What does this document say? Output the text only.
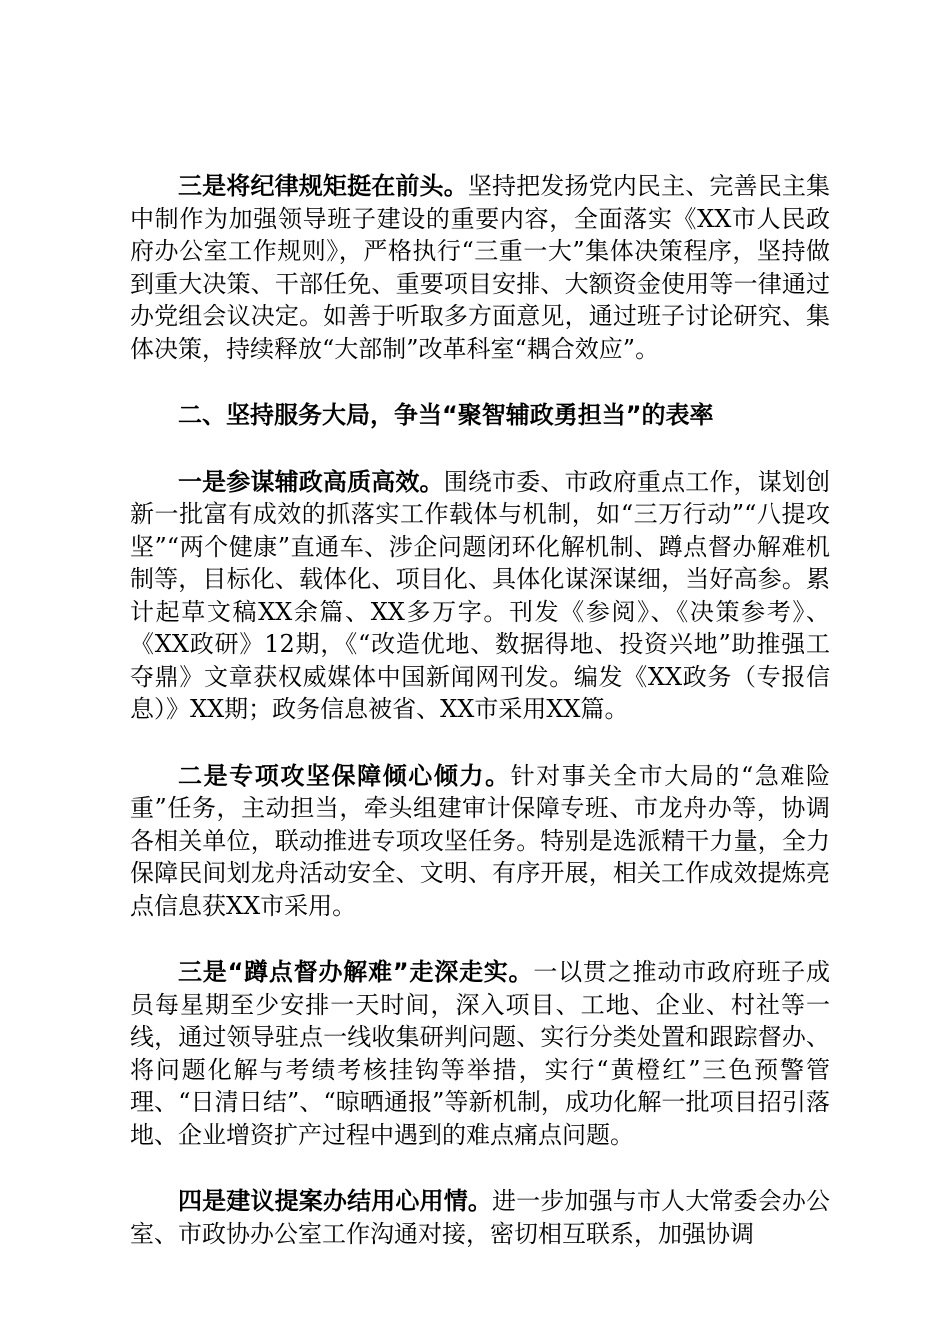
三是将纪律规矩挺在前头。坚持把发扬党内民主、完善民主集中制作为加强领导班子建设的重要内容，全面落实《XX市人民政府办公室工作规则》，严格执行“三重一大”集体决策程序，坚持做到重大决策、干部任免、重要项目安排、大额资金使用等一律通过办党组会议决定。如善于听取多方面意见，通过班子讨论研究、集体决策，持续释放“大部制”改革科室“耦合效应”。

二、坚持服务大局，争当“聚智辅政勇担当”的表率

一是参谋辅政高质高效。围绕市委、市政府重点工作，谋划创新一批富有成效的抓落实工作载体与机制，如“三万行动”“八提攻坚”“两个健康”直通车、涉企问题闭环化解机制、蹲点督办解难机制等，目标化、载体化、项目化、具体化谋深谋细，当好高参。累计起草文稿XX余篇、XX多万字。刊发《参阅》、《决策参考》、《XX政研》12期，《“改造优地、数据得地、投资兴地”助推强工夺鼎》文章获权威媒体中国新闻网刊发。编发《XX政务（专报信息）》XX期；政务信息被省、XX市采用XX篇。

二是专项攻坚保障倾心倾力。针对事关全市大局的“急难险重”任务，主动担当，牵头组建审计保障专班、市龙舟办等，协调各相关单位，联动推进专项攻坚任务。特别是选派精干力量，全力保障民间划龙舟活动安全、文明、有序开展，相关工作成效提炼亮点信息获XX市采用。

三是“蹲点督办解难”走深走实。一以贯之推动市政府班子成员每星期至少安排一天时间，深入项目、工地、企业、村社等一线，通过领导驻点一线收集研判问题、实行分类处置和跟踪督办、将问题化解与考绩考核挂钩等举措，实行“黄橙红”三色预警管理、“日清日结”、“晾晒通报”等新机制，成功化解一批项目招引落地、企业增资扩产过程中遇到的难点痛点问题。

四是建议提案办结用心用情。进一步加强与市人大常委会办公室、市政协办公室工作沟通对接，密切相互联系，加强协调
